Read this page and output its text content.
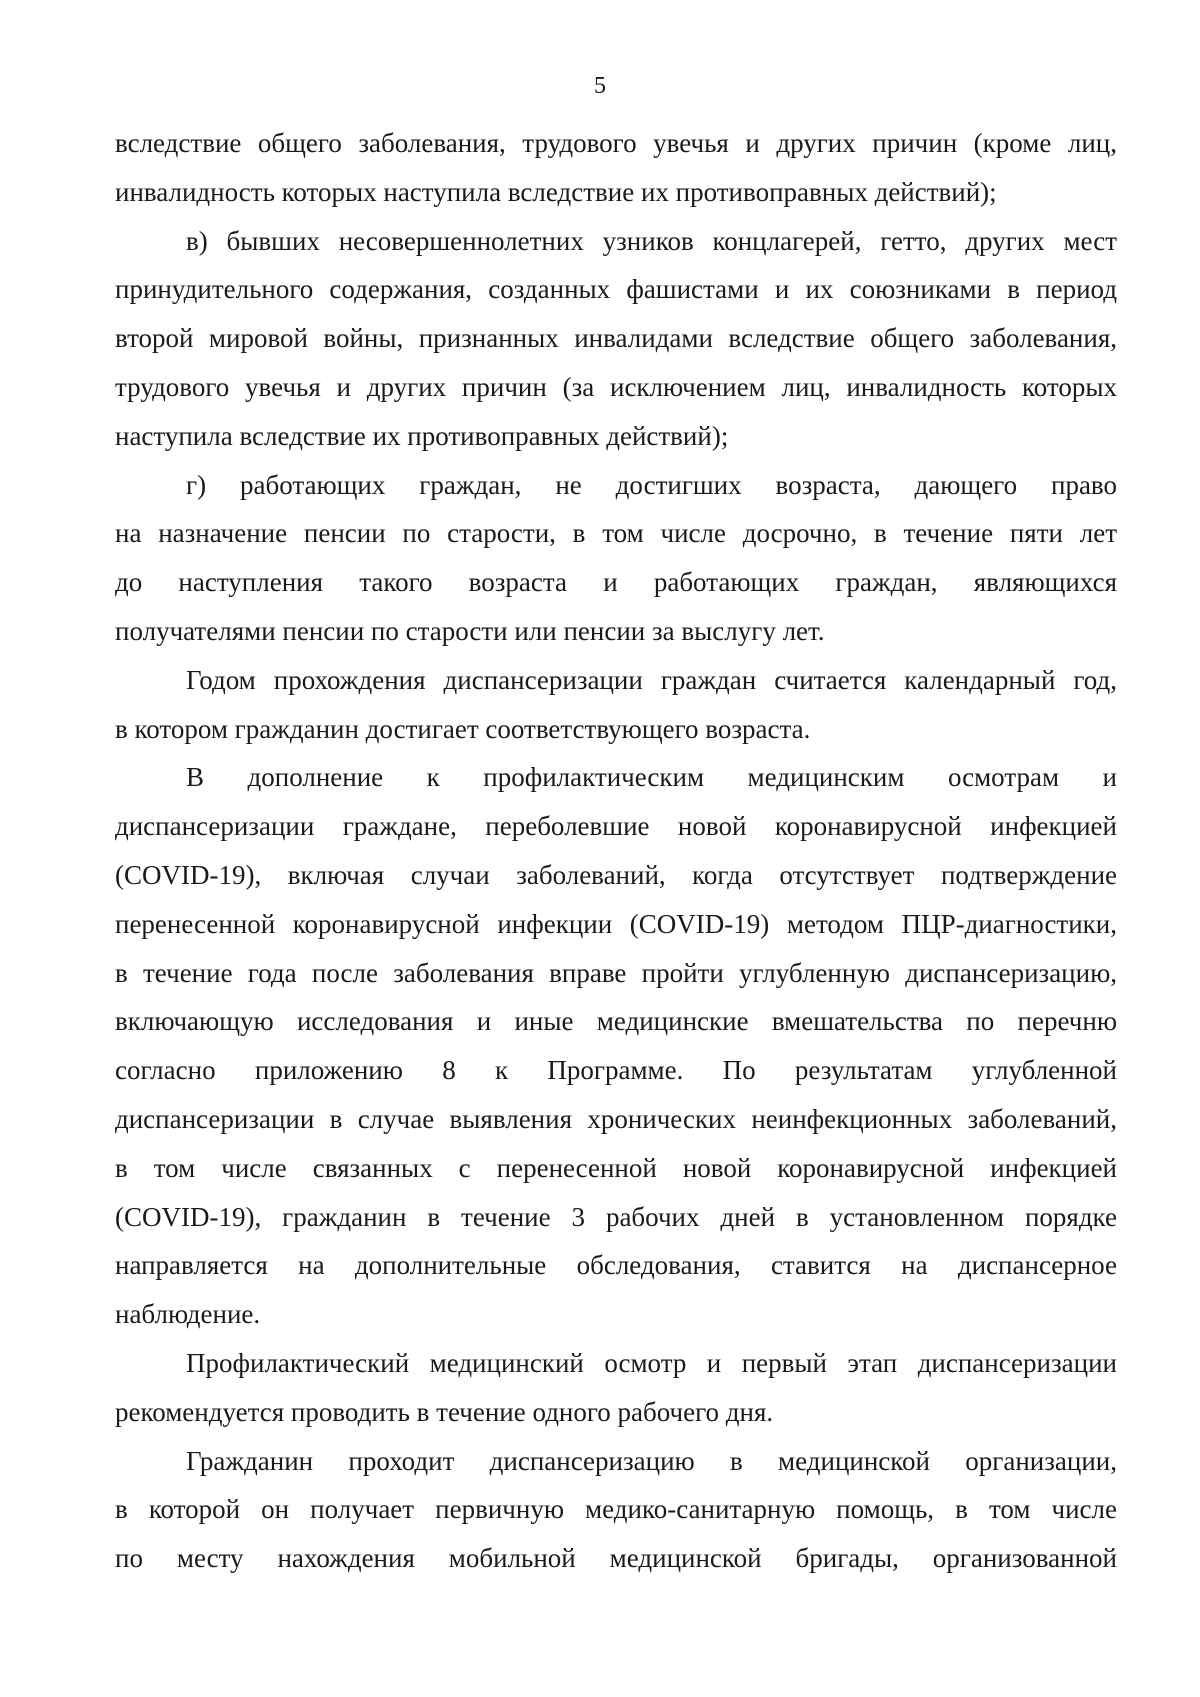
5
вследствие общего заболевания, трудового увечья и других причин (кроме лиц,
инвалидность которых наступила вследствие их противоправных действий);
в) бывших несовершеннолетних узников концлагерей, гетто, других мест
принудительного содержания, созданных фашистами и их союзниками в период
второй мировой войны, признанных инвалидами вследствие общего заболевания,
трудового увечья и других причин (за исключением лиц, инвалидность которых
наступила вследствие их противоправных действий);
г) работающих граждан, не достигших возраста, дающего право
на назначение пенсии по старости, в том числе досрочно, в течение пяти лет
до наступления такого возраста и работающих граждан, являющихся
получателями пенсии по старости или пенсии за выслугу лет.
Годом прохождения диспансеризации граждан считается календарный год,
в котором гражданин достигает соответствующего возраста.
В дополнение к профилактическим медицинским осмотрам и
диспансеризации граждане, переболевшие новой коронавирусной инфекцией
(COVID-19), включая случаи заболеваний, когда отсутствует подтверждение
перенесенной коронавирусной инфекции (COVID-19) методом ПЦР-диагностики,
в течение года после заболевания вправе пройти углубленную диспансеризацию,
включающую исследования и иные медицинские вмешательства по перечню
согласно приложению 8 к Программе. По результатам углубленной
диспансеризации в случае выявления хронических неинфекционных заболеваний,
в том числе связанных с перенесенной новой коронавирусной инфекцией
(COVID-19), гражданин в течение 3 рабочих дней в установленном порядке
направляется на дополнительные обследования, ставится на диспансерное
наблюдение.
Профилактический медицинский осмотр и первый этап диспансеризации
рекомендуется проводить в течение одного рабочего дня.
Гражданин проходит диспансеризацию в медицинской организации,
в которой он получает первичную медико-санитарную помощь, в том числе
по месту нахождения мобильной медицинской бригады, организованной
